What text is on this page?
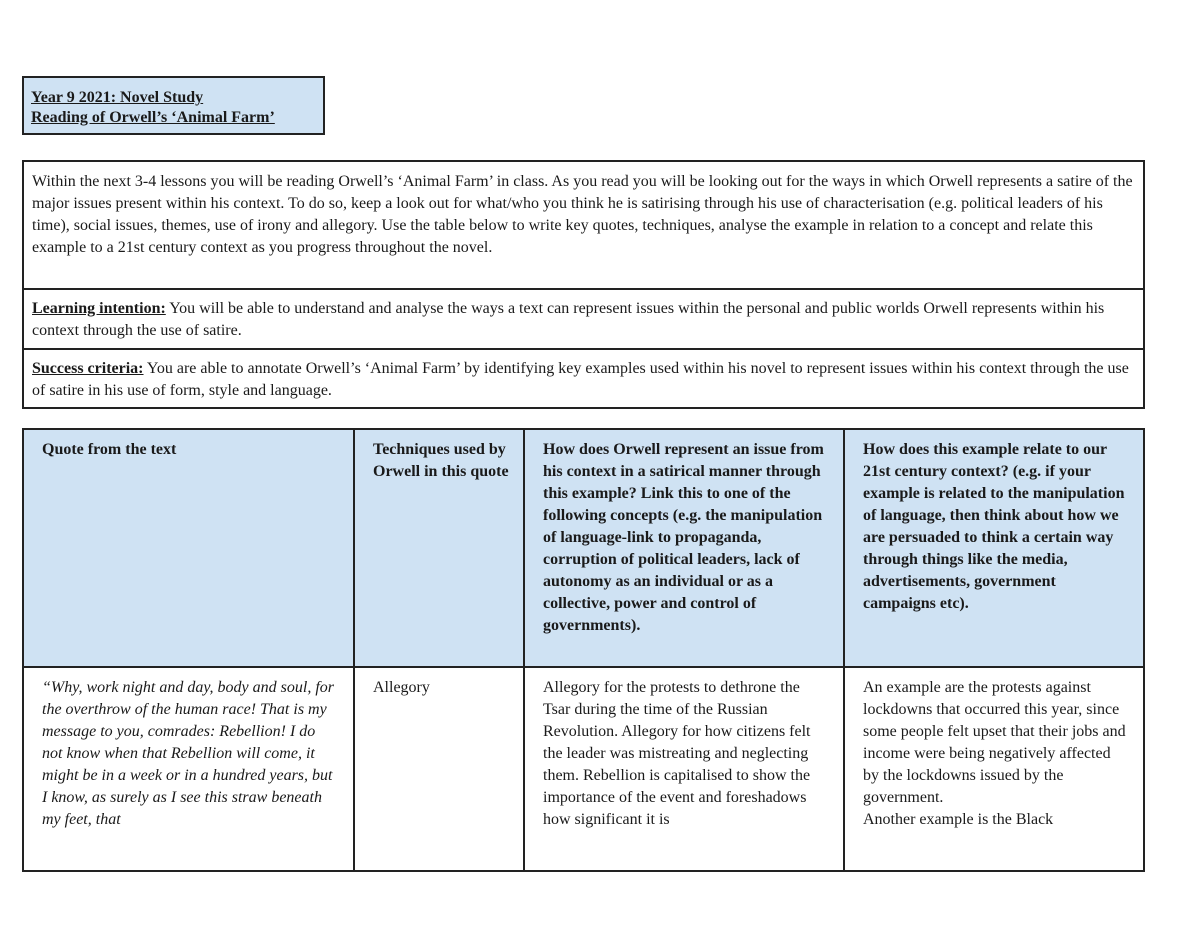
Year 9 2021: Novel Study
Reading of Orwell’s ‘Animal Farm’
Within the next 3-4 lessons you will be reading Orwell’s ‘Animal Farm’ in class. As you read you will be looking out for the ways in which Orwell represents a satire of the major issues present within his context. To do so, keep a look out for what/who you think he is satirising through his use of characterisation (e.g. political leaders of his time), social issues, themes, use of irony and allegory. Use the table below to write key quotes, techniques, analyse the example in relation to a concept and relate this example to a 21st century context as you progress throughout the novel.
Learning intention: You will be able to understand and analyse the ways a text can represent issues within the personal and public worlds Orwell represents within his context through the use of satire.
Success criteria: You are able to annotate Orwell’s ‘Animal Farm’ by identifying key examples used within his novel to represent issues within his context through the use of satire in his use of form, style and language.
Quote from the text	Techniques used by Orwell in this quote
How does Orwell represent an issue from his context in a satirical manner through this example? Link this to one of the following concepts (e.g. the manipulation of language-link to propaganda, corruption of political leaders, lack of autonomy as an individual or as a collective, power and control of governments).
How does this example relate to our 21st century context? (e.g. if your example is related to the manipulation of language, then think about how we are persuaded to think a certain way through things like the media, advertisements, government campaigns etc).
“Why, work night and day, body and soul, for the overthrow of the human race! That is my message to you, comrades: Rebellion! I do not know when that Rebellion will come, it might be in a week or in a hundred years, but I know, as surely as I see this straw beneath my feet, that
Allegory	Allegory for the protests to dethrone the Tsar during the time of the Russian Revolution. Allegory for how citizens felt the leader was mistreating and neglecting them. Rebellion is capitalised to show the importance of the event and foreshadows how significant it is
An example are the protests against lockdowns that occurred this year, since some people felt upset that their jobs and income were being negatively affected by the lockdowns issued by the government.
Another example is the Black
